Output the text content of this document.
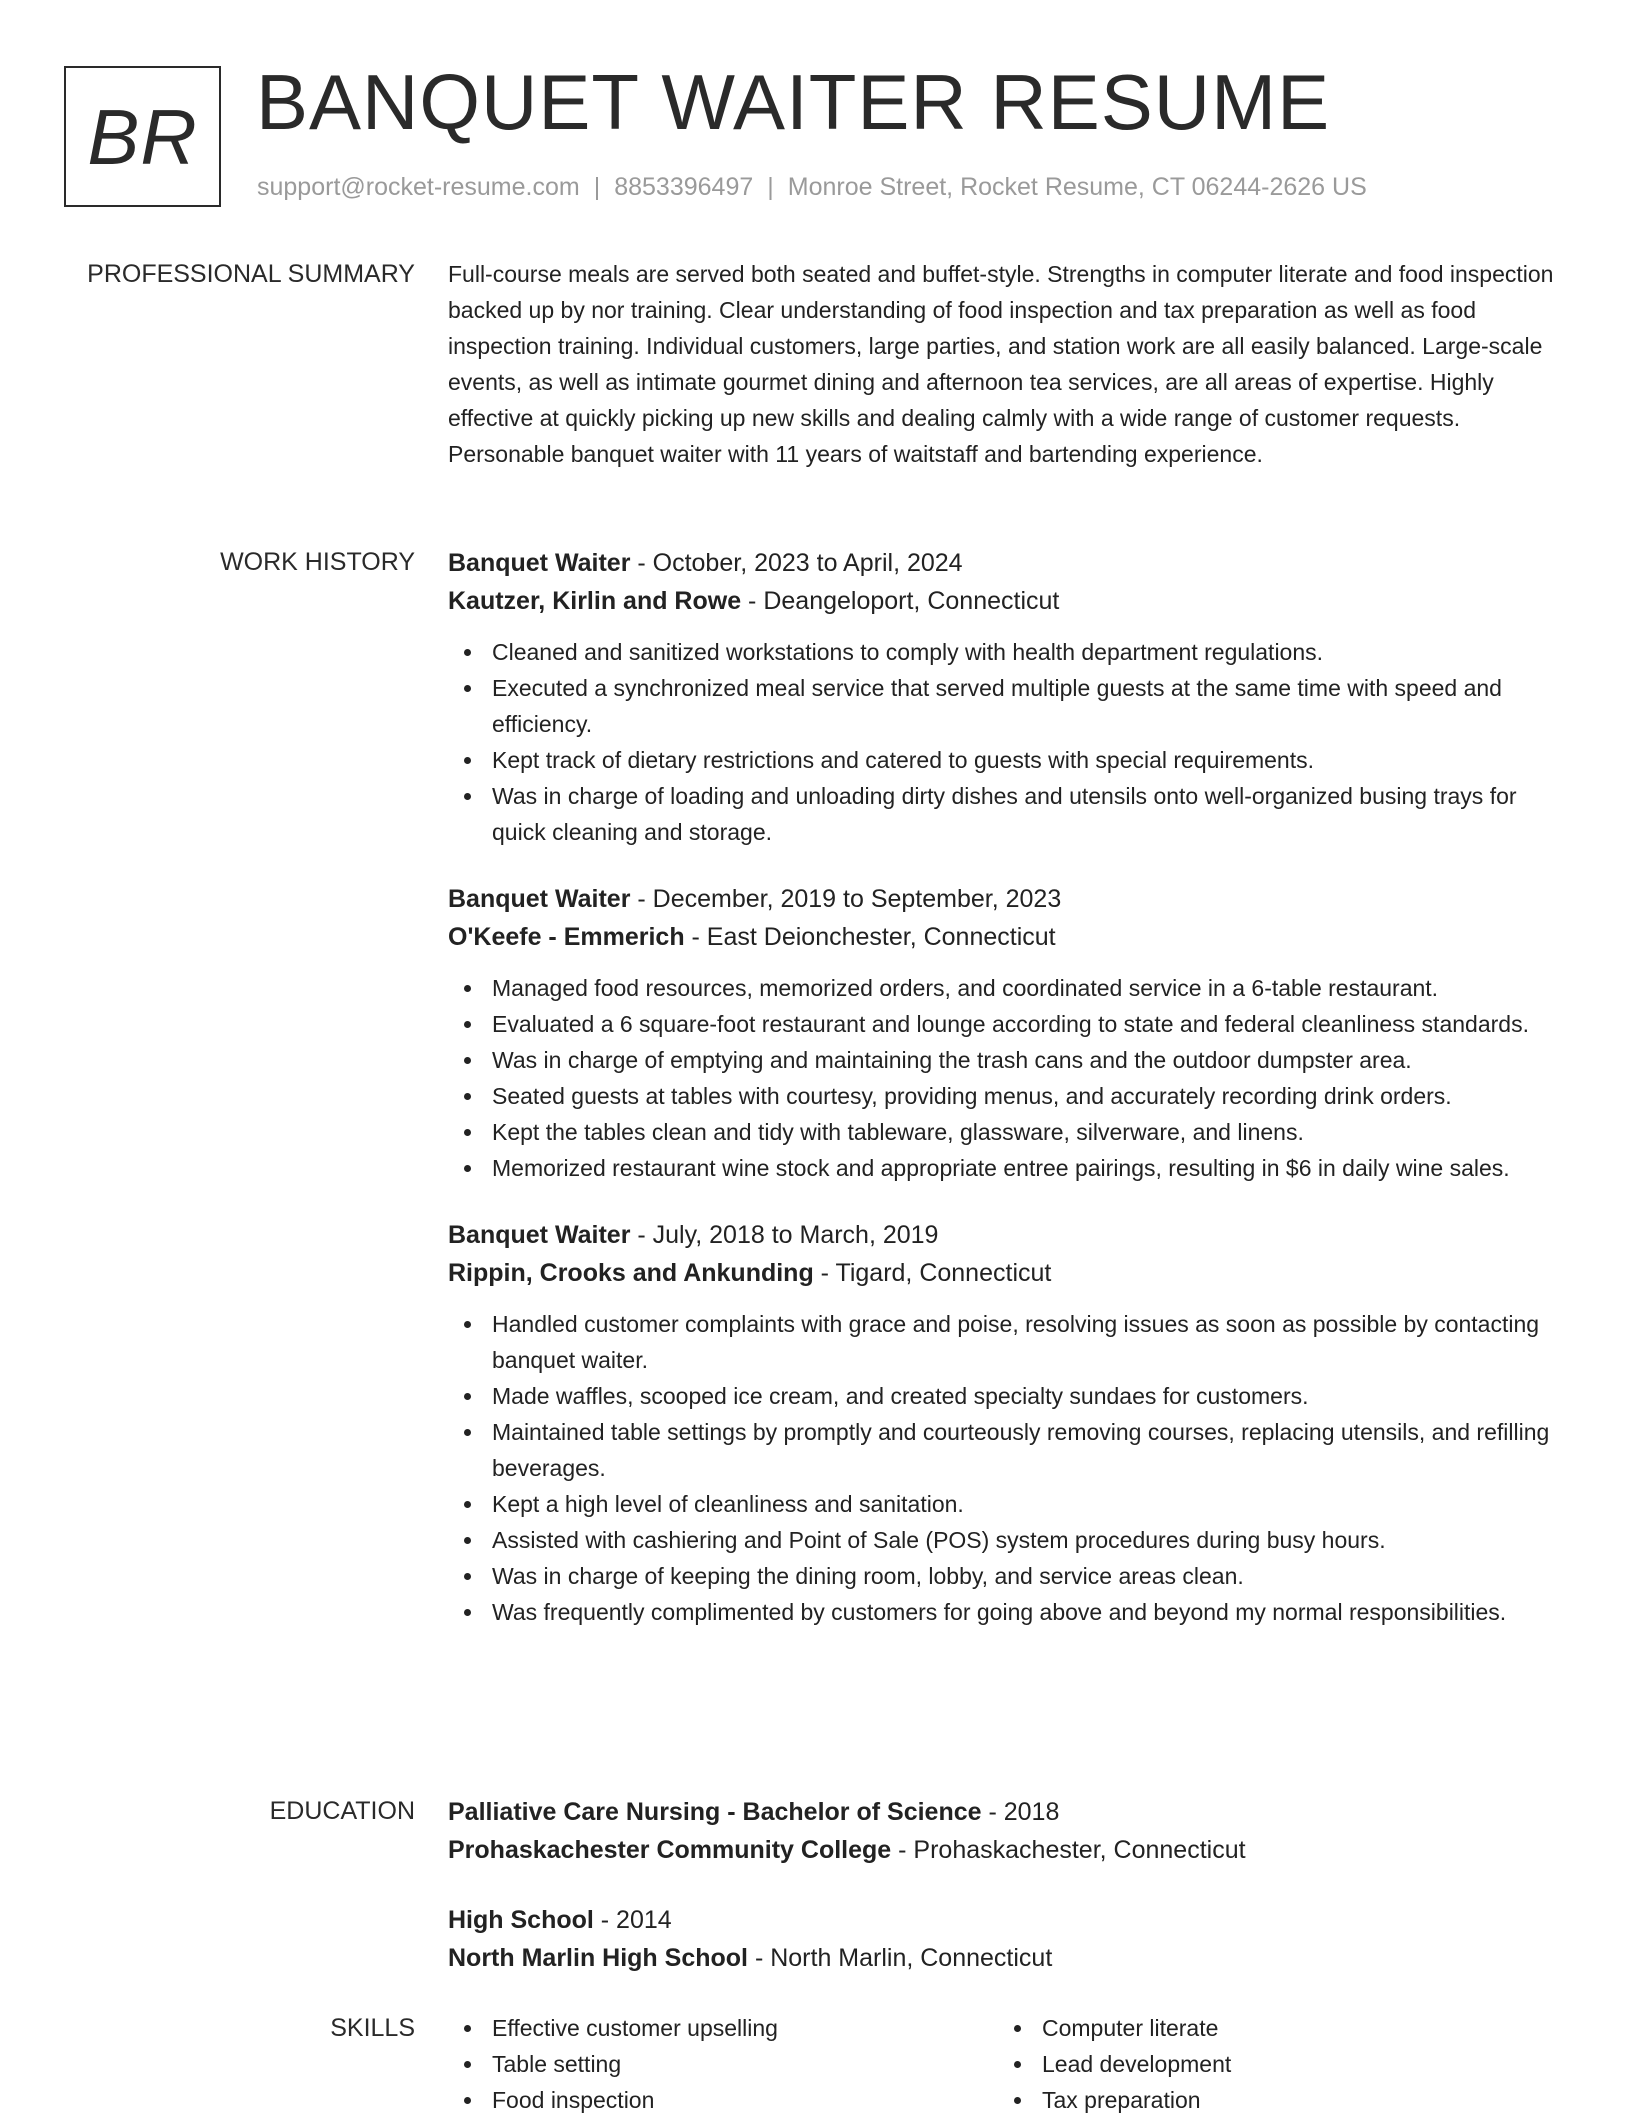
BR BANQUET WAITER RESUME
support@rocket-resume.com | 8853396497 | Monroe Street, Rocket Resume, CT 06244-2626 US
PROFESSIONAL SUMMARY Full-course meals are served both seated and buffet-style. Strengths in computer literate and food inspection backed up by nor training. Clear understanding of food inspection and tax preparation as well as food inspection training. Individual customers, large parties, and station work are all easily balanced. Large-scale events, as well as intimate gourmet dining and afternoon tea services, are all areas of expertise. Highly effective at quickly picking up new skills and dealing calmly with a wide range of customer requests. Personable banquet waiter with 11 years of waitstaff and bartending experience.

WORK HISTORY Banquet Waiter - October, 2023 to April, 2024
Kautzer, Kirlin and Rowe - Deangeloport, Connecticut
Cleaned and sanitized workstations to comply with health department regulations.
Executed a synchronized meal service that served multiple guests at the same time with speed and efficiency.
Kept track of dietary restrictions and catered to guests with special requirements.
Was in charge of loading and unloading dirty dishes and utensils onto well-organized busing trays for quick cleaning and storage.
Banquet Waiter - December, 2019 to September, 2023
O'Keefe - Emmerich - East Deionchester, Connecticut
Managed food resources, memorized orders, and coordinated service in a 6-table restaurant.
Evaluated a 6 square-foot restaurant and lounge according to state and federal cleanliness standards.
Was in charge of emptying and maintaining the trash cans and the outdoor dumpster area.
Seated guests at tables with courtesy, providing menus, and accurately recording drink orders.
Kept the tables clean and tidy with tableware, glassware, silverware, and linens.
Memorized restaurant wine stock and appropriate entree pairings, resulting in $6 in daily wine sales.
Banquet Waiter - July, 2018 to March, 2019
Rippin, Crooks and Ankunding - Tigard, Connecticut
Handled customer complaints with grace and poise, resolving issues as soon as possible by contacting banquet waiter.
Made waffles, scooped ice cream, and created specialty sundaes for customers.
Maintained table settings by promptly and courteously removing courses, replacing utensils, and refilling beverages.
Kept a high level of cleanliness and sanitation.
Assisted with cashiering and Point of Sale (POS) system procedures during busy hours.
Was in charge of keeping the dining room, lobby, and service areas clean.
Was frequently complimented by customers for going above and beyond my normal responsibilities.
EDUCATION Palliative Care Nursing - Bachelor of Science - 2018
Prohaskachester Community College - Prohaskachester, Connecticut
High School - 2014
North Marlin High School - North Marlin, Connecticut
SKILLS	Effective customer upselling
Table setting
Food inspection
Computer literate
Lead development
Tax preparation
